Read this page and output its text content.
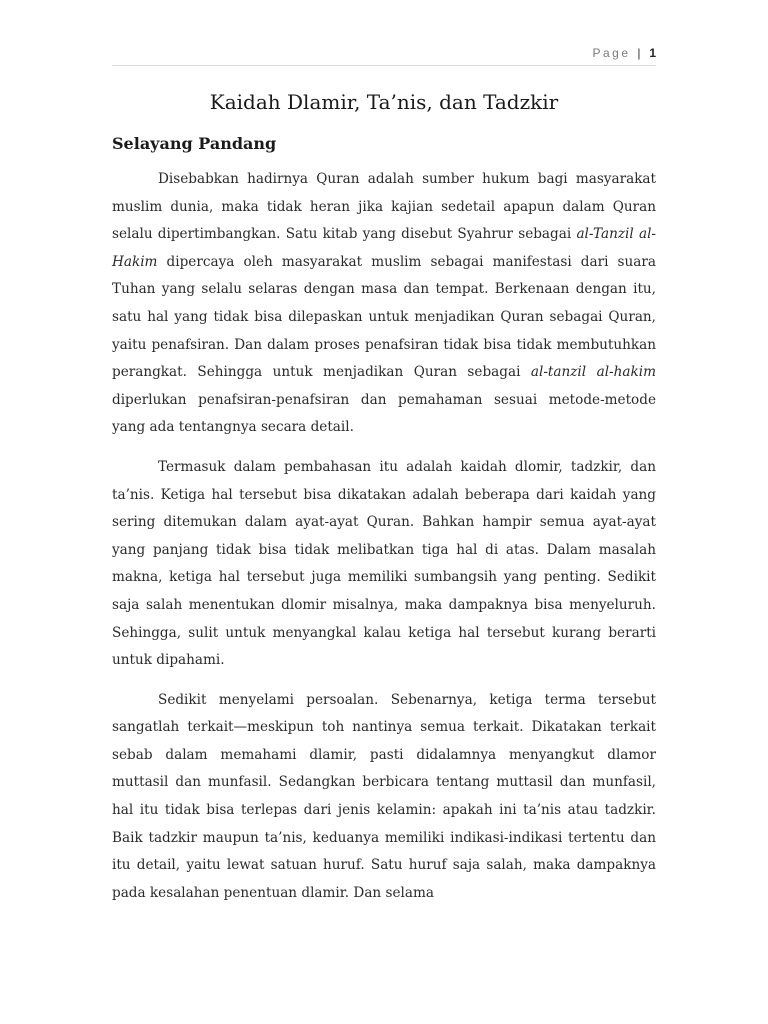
Page | 1
Kaidah Dlamir, Ta’nis, dan Tadzkir
Selayang Pandang

Disebabkan hadirnya Quran adalah sumber hukum bagi masyarakat muslim dunia, maka tidak heran jika kajian sedetail apapun dalam Quran selalu dipertimbangkan. Satu kitab yang disebut Syahrur sebagai al-Tanzil al-Hakim dipercaya oleh masyarakat muslim sebagai manifestasi dari suara Tuhan yang selalu selaras dengan masa dan tempat. Berkenaan dengan itu, satu hal yang tidak bisa dilepaskan untuk menjadikan Quran sebagai Quran, yaitu penafsiran. Dan dalam proses penafsiran tidak bisa tidak membutuhkan perangkat. Sehingga untuk menjadikan Quran sebagai al-tanzil al-hakim diperlukan penafsiran-penafsiran dan pemahaman sesuai metode-metode yang ada tentangnya secara detail.

Termasuk dalam pembahasan itu adalah kaidah dlomir, tadzkir, dan ta’nis. Ketiga hal tersebut bisa dikatakan adalah beberapa dari kaidah yang sering ditemukan dalam ayat-ayat Quran. Bahkan hampir semua ayat-ayat yang panjang tidak bisa tidak melibatkan tiga hal di atas. Dalam masalah makna, ketiga hal tersebut juga memiliki sumbangsih yang penting. Sedikit saja salah menentukan dlomir misalnya, maka dampaknya bisa menyeluruh. Sehingga, sulit untuk menyangkal kalau ketiga hal tersebut kurang berarti untuk dipahami.

Sedikit menyelami persoalan. Sebenarnya, ketiga terma tersebut sangatlah terkait—meskipun toh nantinya semua terkait. Dikatakan terkait sebab dalam memahami dlamir, pasti didalamnya menyangkut dlamor muttasil dan munfasil. Sedangkan berbicara tentang muttasil dan munfasil, hal itu tidak bisa terlepas dari jenis kelamin: apakah ini ta’nis atau tadzkir. Baik tadzkir maupun ta’nis, keduanya memiliki indikasi-indikasi tertentu dan itu detail, yaitu lewat satuan huruf. Satu huruf saja salah, maka dampaknya pada kesalahan penentuan dlamir. Dan selama
